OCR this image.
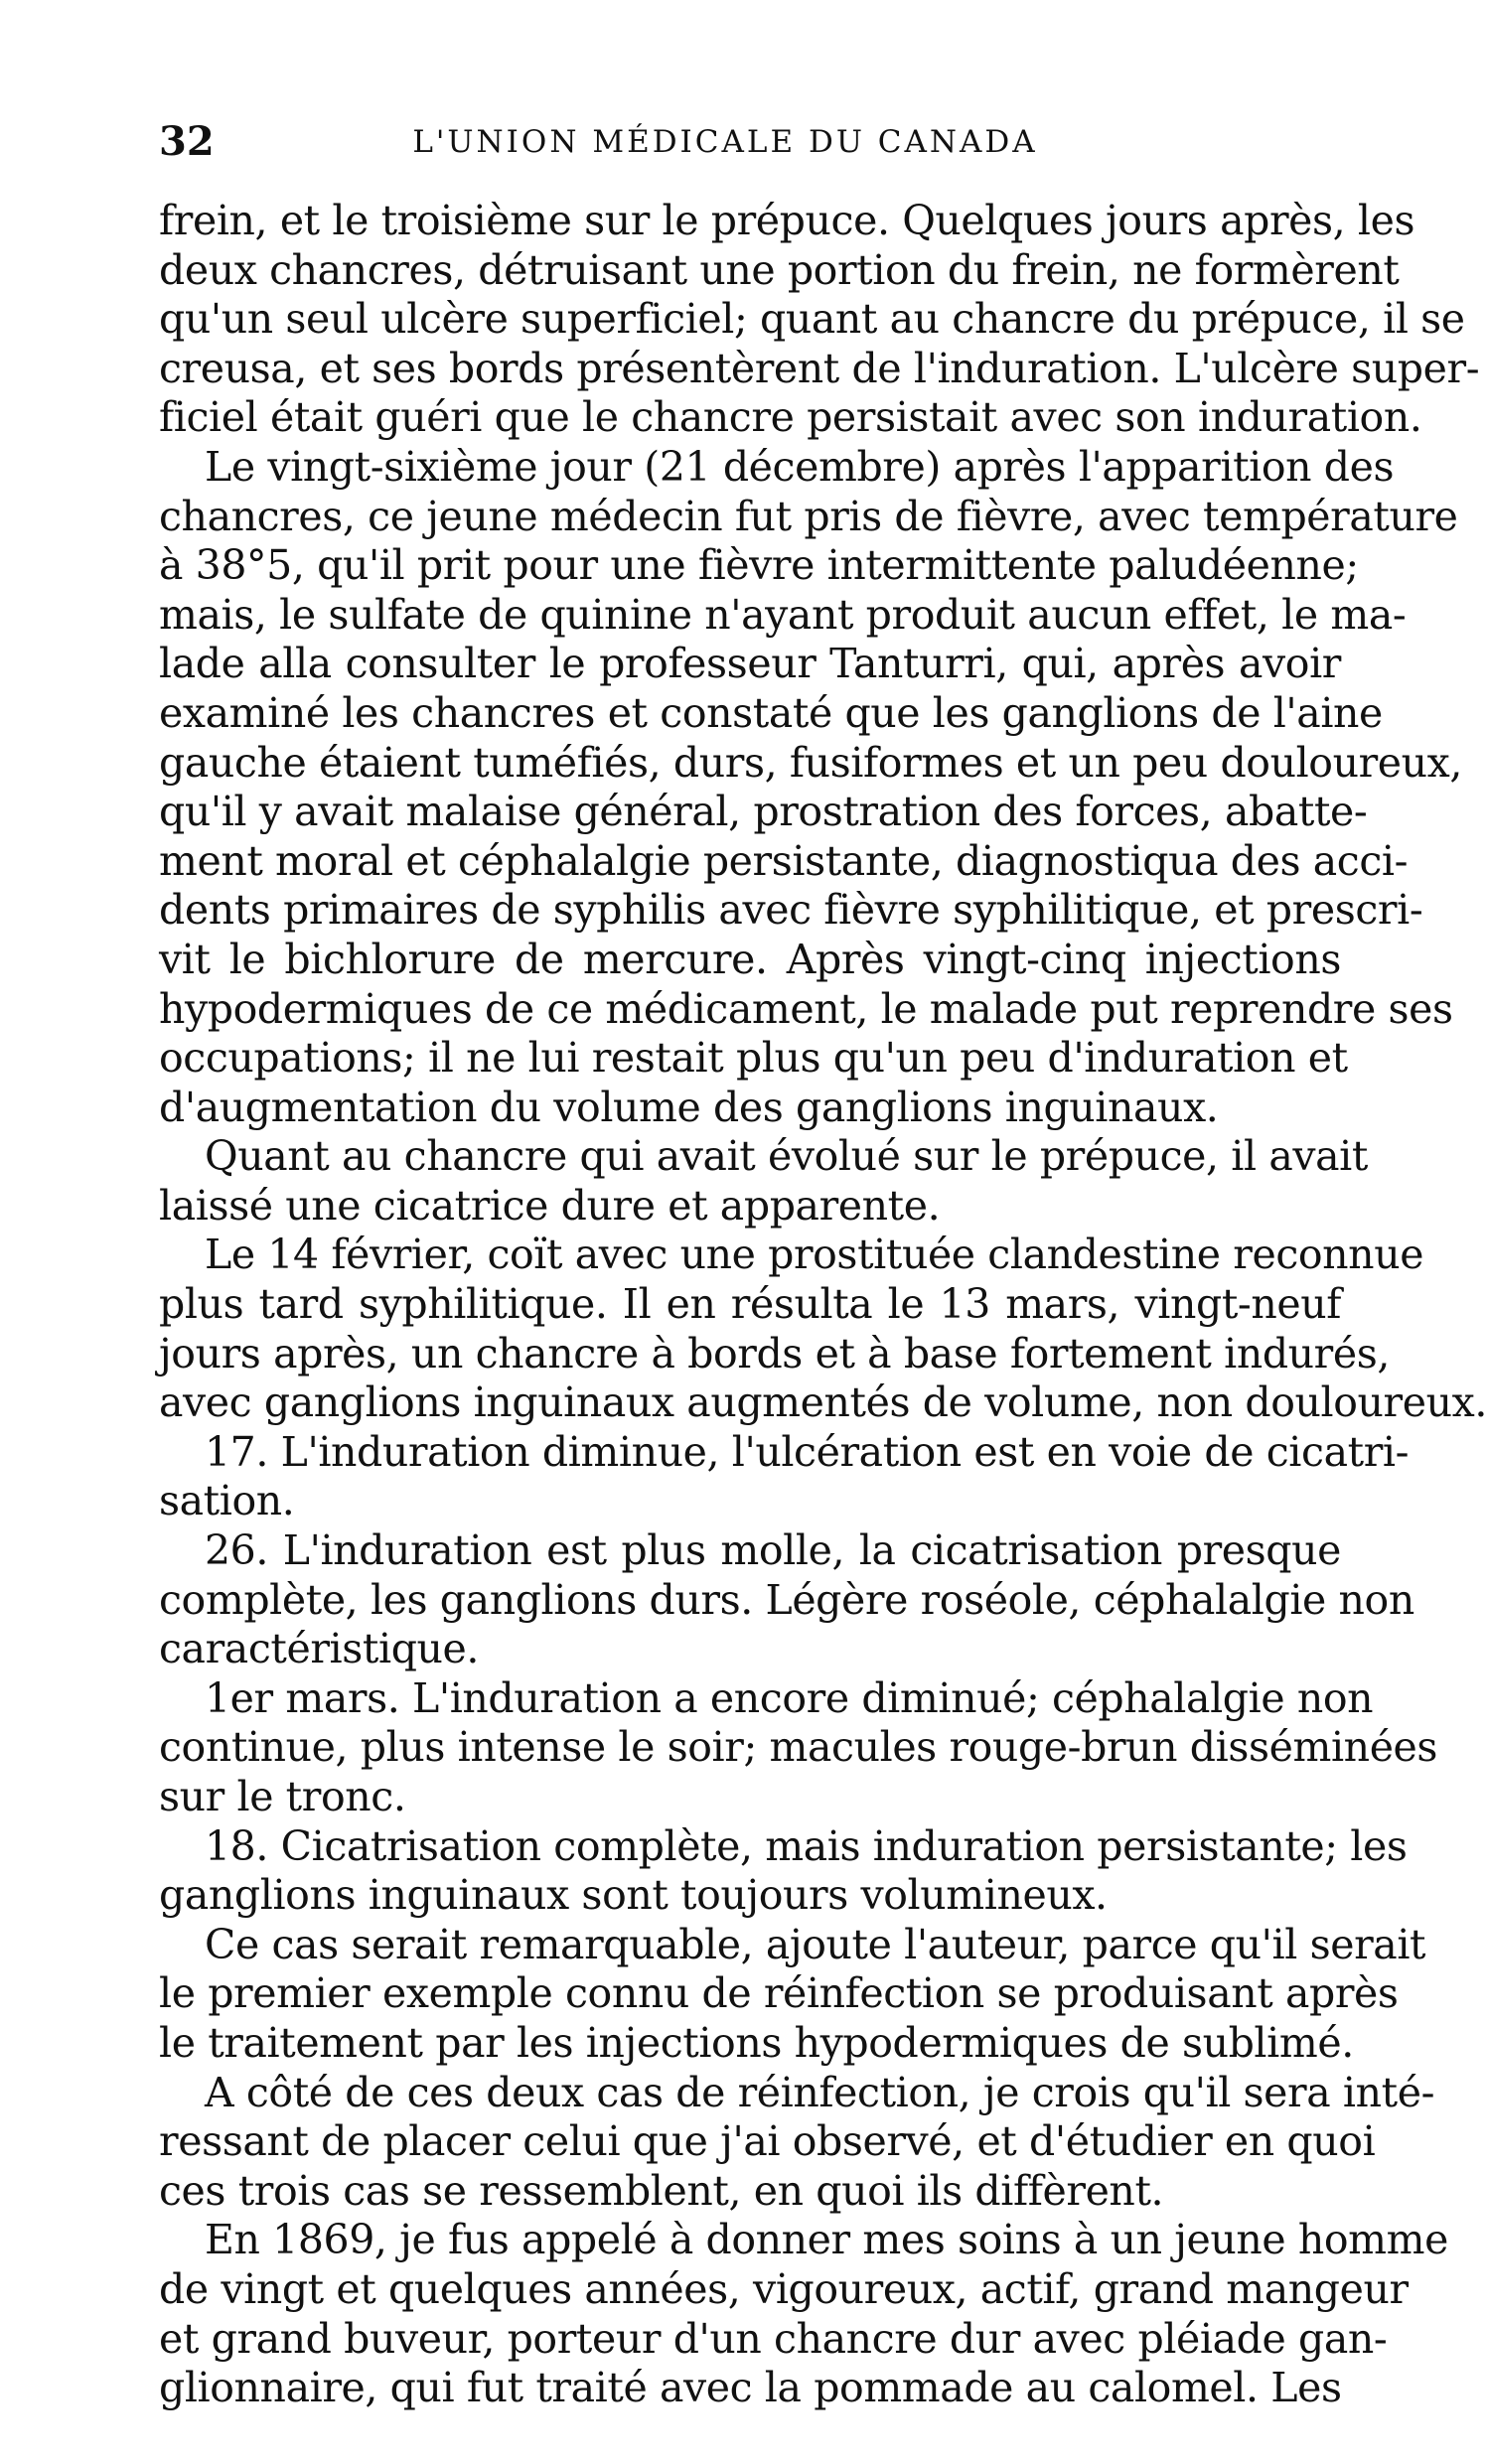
32	L'UNION MÉDICALE DU CANADA
frein, et le troisième sur le prépuce. Quelques jours après, les
deux chancres, détruisant une portion du frein, ne formèrent
qu'un seul ulcère superficiel; quant au chancre du prépuce, il se
creusa, et ses bords présentèrent de l'induration. L'ulcère super-
ficiel était guéri que le chancre persistait avec son induration.
Le vingt-sixième jour (21 décembre) après l'apparition des
chancres, ce jeune médecin fut pris de fièvre, avec température
à 38°5, qu'il prit pour une fièvre intermittente paludéenne;
mais, le sulfate de quinine n'ayant produit aucun effet, le ma-
lade alla consulter le professeur Tanturri, qui, après avoir
examiné les chancres et constaté que les ganglions de l'aine
gauche étaient tuméfiés, durs, fusiformes et un peu douloureux,
qu'il y avait malaise général, prostration des forces, abatte-
ment moral et céphalalgie persistante, diagnostiqua des acci-
dents primaires de syphilis avec fièvre syphilitique, et prescri-
vit le bichlorure de mercure. Après vingt-cinq injections
hypodermiques de ce médicament, le malade put reprendre ses
occupations; il ne lui restait plus qu'un peu d'induration et
d'augmentation du volume des ganglions inguinaux.
Quant au chancre qui avait évolué sur le prépuce, il avait
laissé une cicatrice dure et apparente.
Le 14 février, coït avec une prostituée clandestine reconnue
plus tard syphilitique. Il en résulta le 13 mars, vingt-neuf
jours après, un chancre à bords et à base fortement indurés,
avec ganglions inguinaux augmentés de volume, non douloureux.
17. L'induration diminue, l'ulcération est en voie de cicatri-
sation.
26. L'induration est plus molle, la cicatrisation presque
complète, les ganglions durs. Légère roséole, céphalalgie non
caractéristique.
1er mars. L'induration a encore diminué; céphalalgie non
continue, plus intense le soir; macules rouge-brun disséminées
sur le tronc.
18. Cicatrisation complète, mais induration persistante; les
ganglions inguinaux sont toujours volumineux.
Ce cas serait remarquable, ajoute l'auteur, parce qu'il serait
le premier exemple connu de réinfection se produisant après
le traitement par les injections hypodermiques de sublimé.
A côté de ces deux cas de réinfection, je crois qu'il sera inté-
ressant de placer celui que j'ai observé, et d'étudier en quoi
ces trois cas se ressemblent, en quoi ils diffèrent.
En 1869, je fus appelé à donner mes soins à un jeune homme
de vingt et quelques années, vigoureux, actif, grand mangeur
et grand buveur, porteur d'un chancre dur avec pléiade gan-
glionnaire, qui fut traité avec la pommade au calomel. Les
